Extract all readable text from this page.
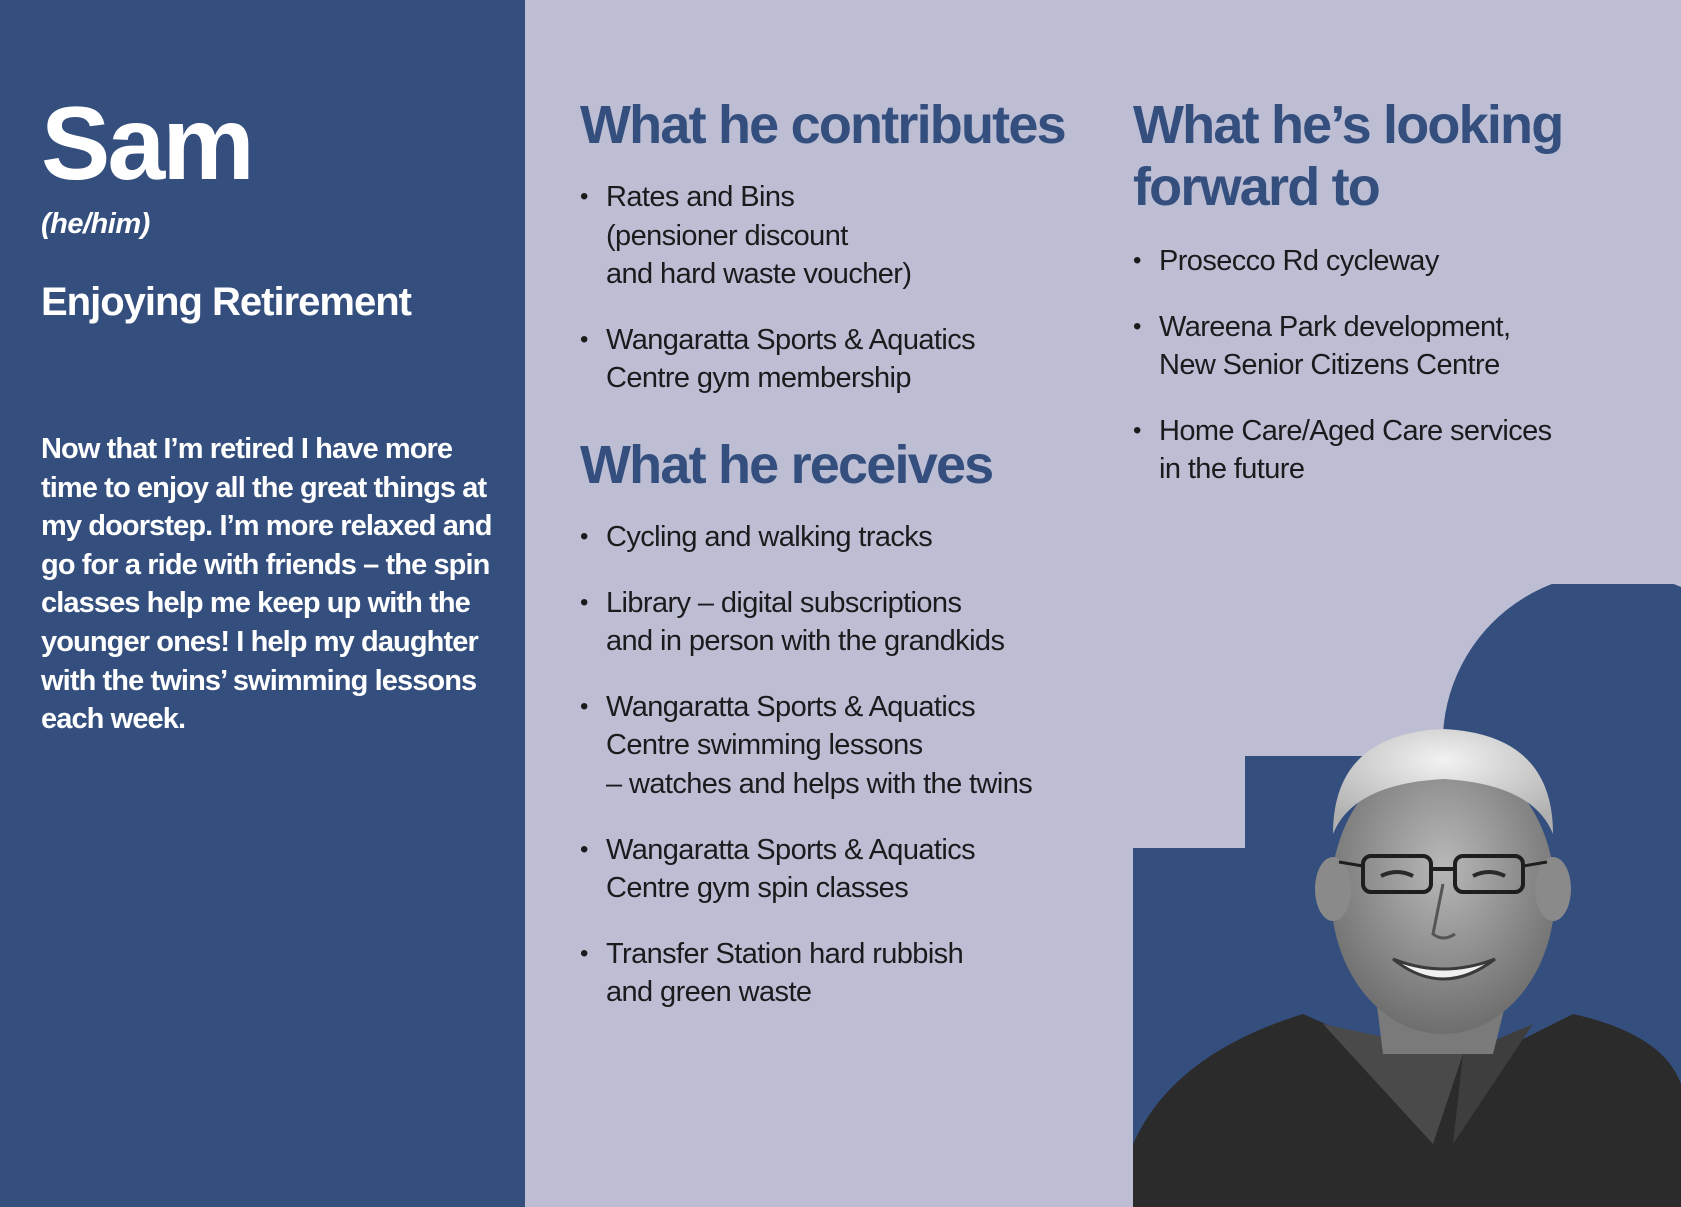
Sam
(he/him)
Enjoying Retirement

Now that I’m retired I have more time to enjoy all the great things at my doorstep. I’m more relaxed and go for a ride with friends – the spin classes help me keep up with the younger ones! I help my daughter with the twins’ swimming lessons each week.

What he contributes
• Rates and Bins
(pensioner discount
and hard waste voucher)
• Wangaratta Sports & Aquatics
Centre gym membership
What he receives
• Cycling and walking tracks
• Library – digital subscriptions
and in person with the grandkids
• Wangaratta Sports & Aquatics
Centre swimming lessons
– watches and helps with the twins
• Wangaratta Sports & Aquatics
Centre gym spin classes
• Transfer Station hard rubbish
and green waste
What he’s looking forward to
• Prosecco Rd cycleway
• Wareena Park development,
New Senior Citizens Centre
• Home Care/Aged Care services
in the future
